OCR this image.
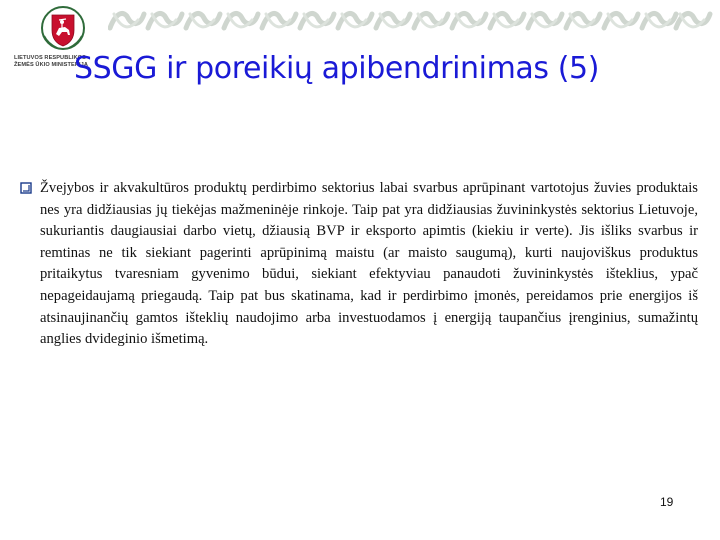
LIETUVOS RESPUBLIKOS
ŽEMĖS ŪKIO MINISTERIJA
SSGG ir poreikių apibendrinimas (5)
Žvejybos ir akvakultūros produktų perdirbimo sektorius labai svarbus aprūpinant vartotojus žuvies produktais nes yra didžiausias jų tiekėjas mažmeninėje rinkoje. Taip pat yra didžiausias žuvininkystės sektorius Lietuvoje, sukuriantis daugiausiai darbo vietų, džiausią BVP ir eksporto apimtis (kiekiu ir verte). Jis išliks svarbus ir remtinas ne tik siekiant pagerinti aprūpinimą maistu (ar maisto saugumą), kurti naujoviškus produktus pritaikytus tvaresniam gyvenimo būdui, siekiant efektyviau panaudoti žuvininkystės išteklius, ypač nepageidaujamą priegaudą. Taip pat bus skatinama, kad ir perdirbimo įmonės, pereidamos prie energijos iš atsinaujinančių gamtos išteklių naudojimo arba investuodamos į energiją taupančius įrenginius, sumažintų anglies dvideginio išmetimą.
19
